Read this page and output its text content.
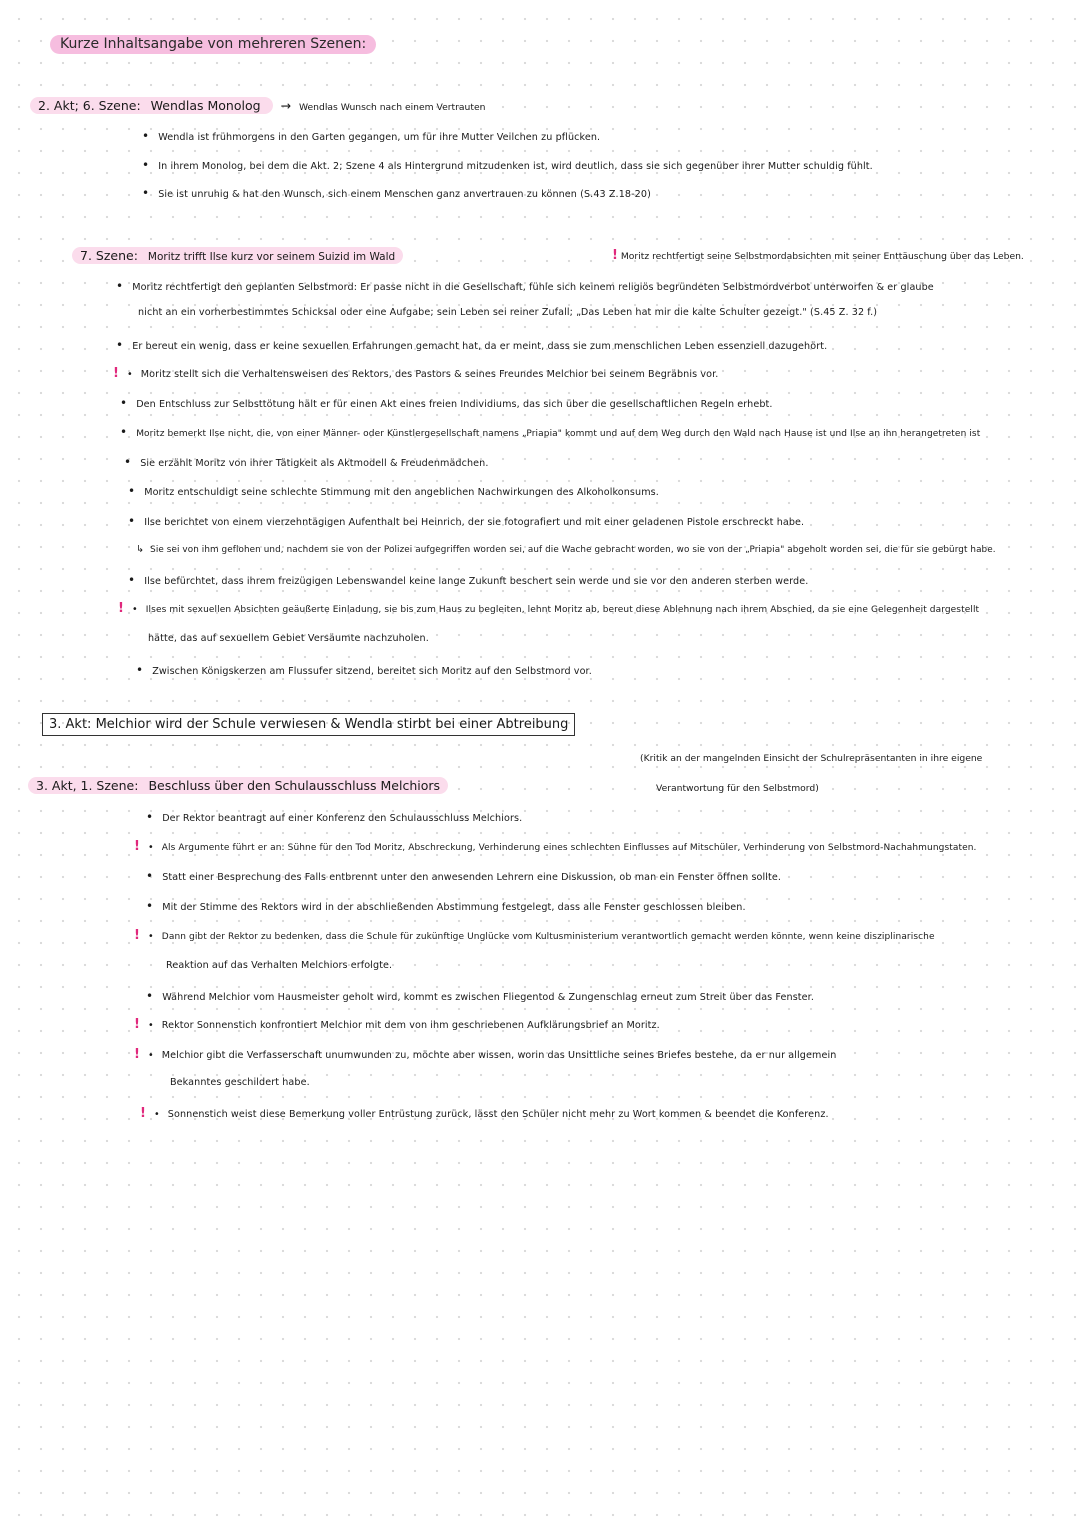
Kurze Inhaltsangabe von mehreren Szenen:
2. Akt; 6. Szene: Wendlas Monolog → Wendlas Wunsch nach einem Vertrauten
• Wendla ist frühmorgens in den Garten gegangen, um für ihre Mutter Veilchen zu pflücken.
• In ihrem Monolog, bei dem die Akt. 2; Szene 4 als Hintergrund mitzudenken ist, wird deutlich, dass sie sich gegenüber ihrer Mutter schuldig fühlt.
• Sie ist unruhig & hat den Wunsch, sich einem Menschen ganz anvertrauen zu können (S.43 Z.18-20)
7. Szene: Moritz trifft Ilse kurz vor seinem Suizid im Wald	! Moritz rechtfertigt seine Selbstmordabsichten mit seiner Enttäuschung über das Leben.
• Moritz rechtfertigt den geplanten Selbstmord: Er passe nicht in die Gesellschaft, fühle sich keinem religiös begründeten Selbstmordverbot unterworfen & er glaube
nicht an ein vorherbestimmtes Schicksal oder eine Aufgabe; sein Leben sei reiner Zufall; „Das Leben hat mir die kalte Schulter gezeigt." (S.45 Z. 32 f.)
• Er bereut ein wenig, dass er keine sexuellen Erfahrungen gemacht hat, da er meint, dass sie zum menschlichen Leben essenziell dazugehört.
! • Moritz stellt sich die Verhaltensweisen des Rektors, des Pastors & seines Freundes Melchior bei seinem Begräbnis vor.
• Den Entschluss zur Selbsttötung hält er für einen Akt eines freien Individiums, das sich über die gesellschaftlichen Regeln erhebt.
• Moritz bemerkt Ilse nicht, die, von einer Männer- oder Künstlergesellschaft namens „Priapia" kommt und auf dem Weg durch den Wald nach Hause ist und Ilse an ihn herangetreten ist
• Sie erzählt Moritz von ihrer Tätigkeit als Aktmodell & Freudenmädchen.
• Moritz entschuldigt seine schlechte Stimmung mit den angeblichen Nachwirkungen des Alkoholkonsums.
• Ilse berichtet von einem vierzehntägigen Aufenthalt bei Heinrich, der sie fotografiert und mit einer geladenen Pistole erschreckt habe.
↳ Sie sei von ihm geflohen und, nachdem sie von der Polizei aufgegriffen worden sei, auf die Wache gebracht worden, wo sie von der „Priapia" abgeholt worden sei, die für sie gebürgt habe.
• Ilse befürchtet, dass ihrem freizügigen Lebenswandel keine lange Zukunft beschert sein werde und sie vor den anderen sterben werde.
! • Ilses mit sexuellen Absichten geäußerte Einladung, sie bis zum Haus zu begleiten, lehnt Moritz ab, bereut diese Ablehnung nach ihrem Abschied, da sie eine Gelegenheit dargestellt
hätte, das auf sexuellem Gebiet Versäumte nachzuholen.
• Zwischen Königskerzen am Flussufer sitzend, bereitet sich Moritz auf den Selbstmord vor.
3. Akt: Melchior wird der Schule verwiesen & Wendla stirbt bei einer Abtreibung
(Kritik an der mangelnden Einsicht der Schulrepräsentanten in ihre eigene
Verantwortung für den Selbstmord)
3. Akt, 1. Szene: Beschluss über den Schulausschluss Melchiors
• Der Rektor beantragt auf einer Konferenz den Schulausschluss Melchiors.
! • Als Argumente führt er an: Sühne für den Tod Moritz, Abschreckung, Verhinderung eines schlechten Einflusses auf Mitschüler, Verhinderung von Selbstmord-Nachahmungstaten.
• Statt einer Besprechung des Falls entbrennt unter den anwesenden Lehrern eine Diskussion, ob man ein Fenster öffnen sollte.
• Mit der Stimme des Rektors wird in der abschließenden Abstimmung festgelegt, dass alle Fenster geschlossen bleiben.
! • Dann gibt der Rektor zu bedenken, dass die Schule für zukünftige Unglücke vom Kultusministerium verantwortlich gemacht werden könnte, wenn keine disziplinarische
Reaktion auf das Verhalten Melchiors erfolgte.
• Während Melchior vom Hausmeister geholt wird, kommt es zwischen Fliegentod & Zungenschlag erneut zum Streit über das Fenster.
! • Rektor Sonnenstich konfrontiert Melchior mit dem von ihm geschriebenen Aufklärungsbrief an Moritz.
! • Melchior gibt die Verfasserschaft unumwunden zu, möchte aber wissen, worin das Unsittliche seines Briefes bestehe, da er nur allgemein
Bekanntes geschildert habe.
! • Sonnenstich weist diese Bemerkung voller Entrüstung zurück, lässt den Schüler nicht mehr zu Wort kommen & beendet die Konferenz.
